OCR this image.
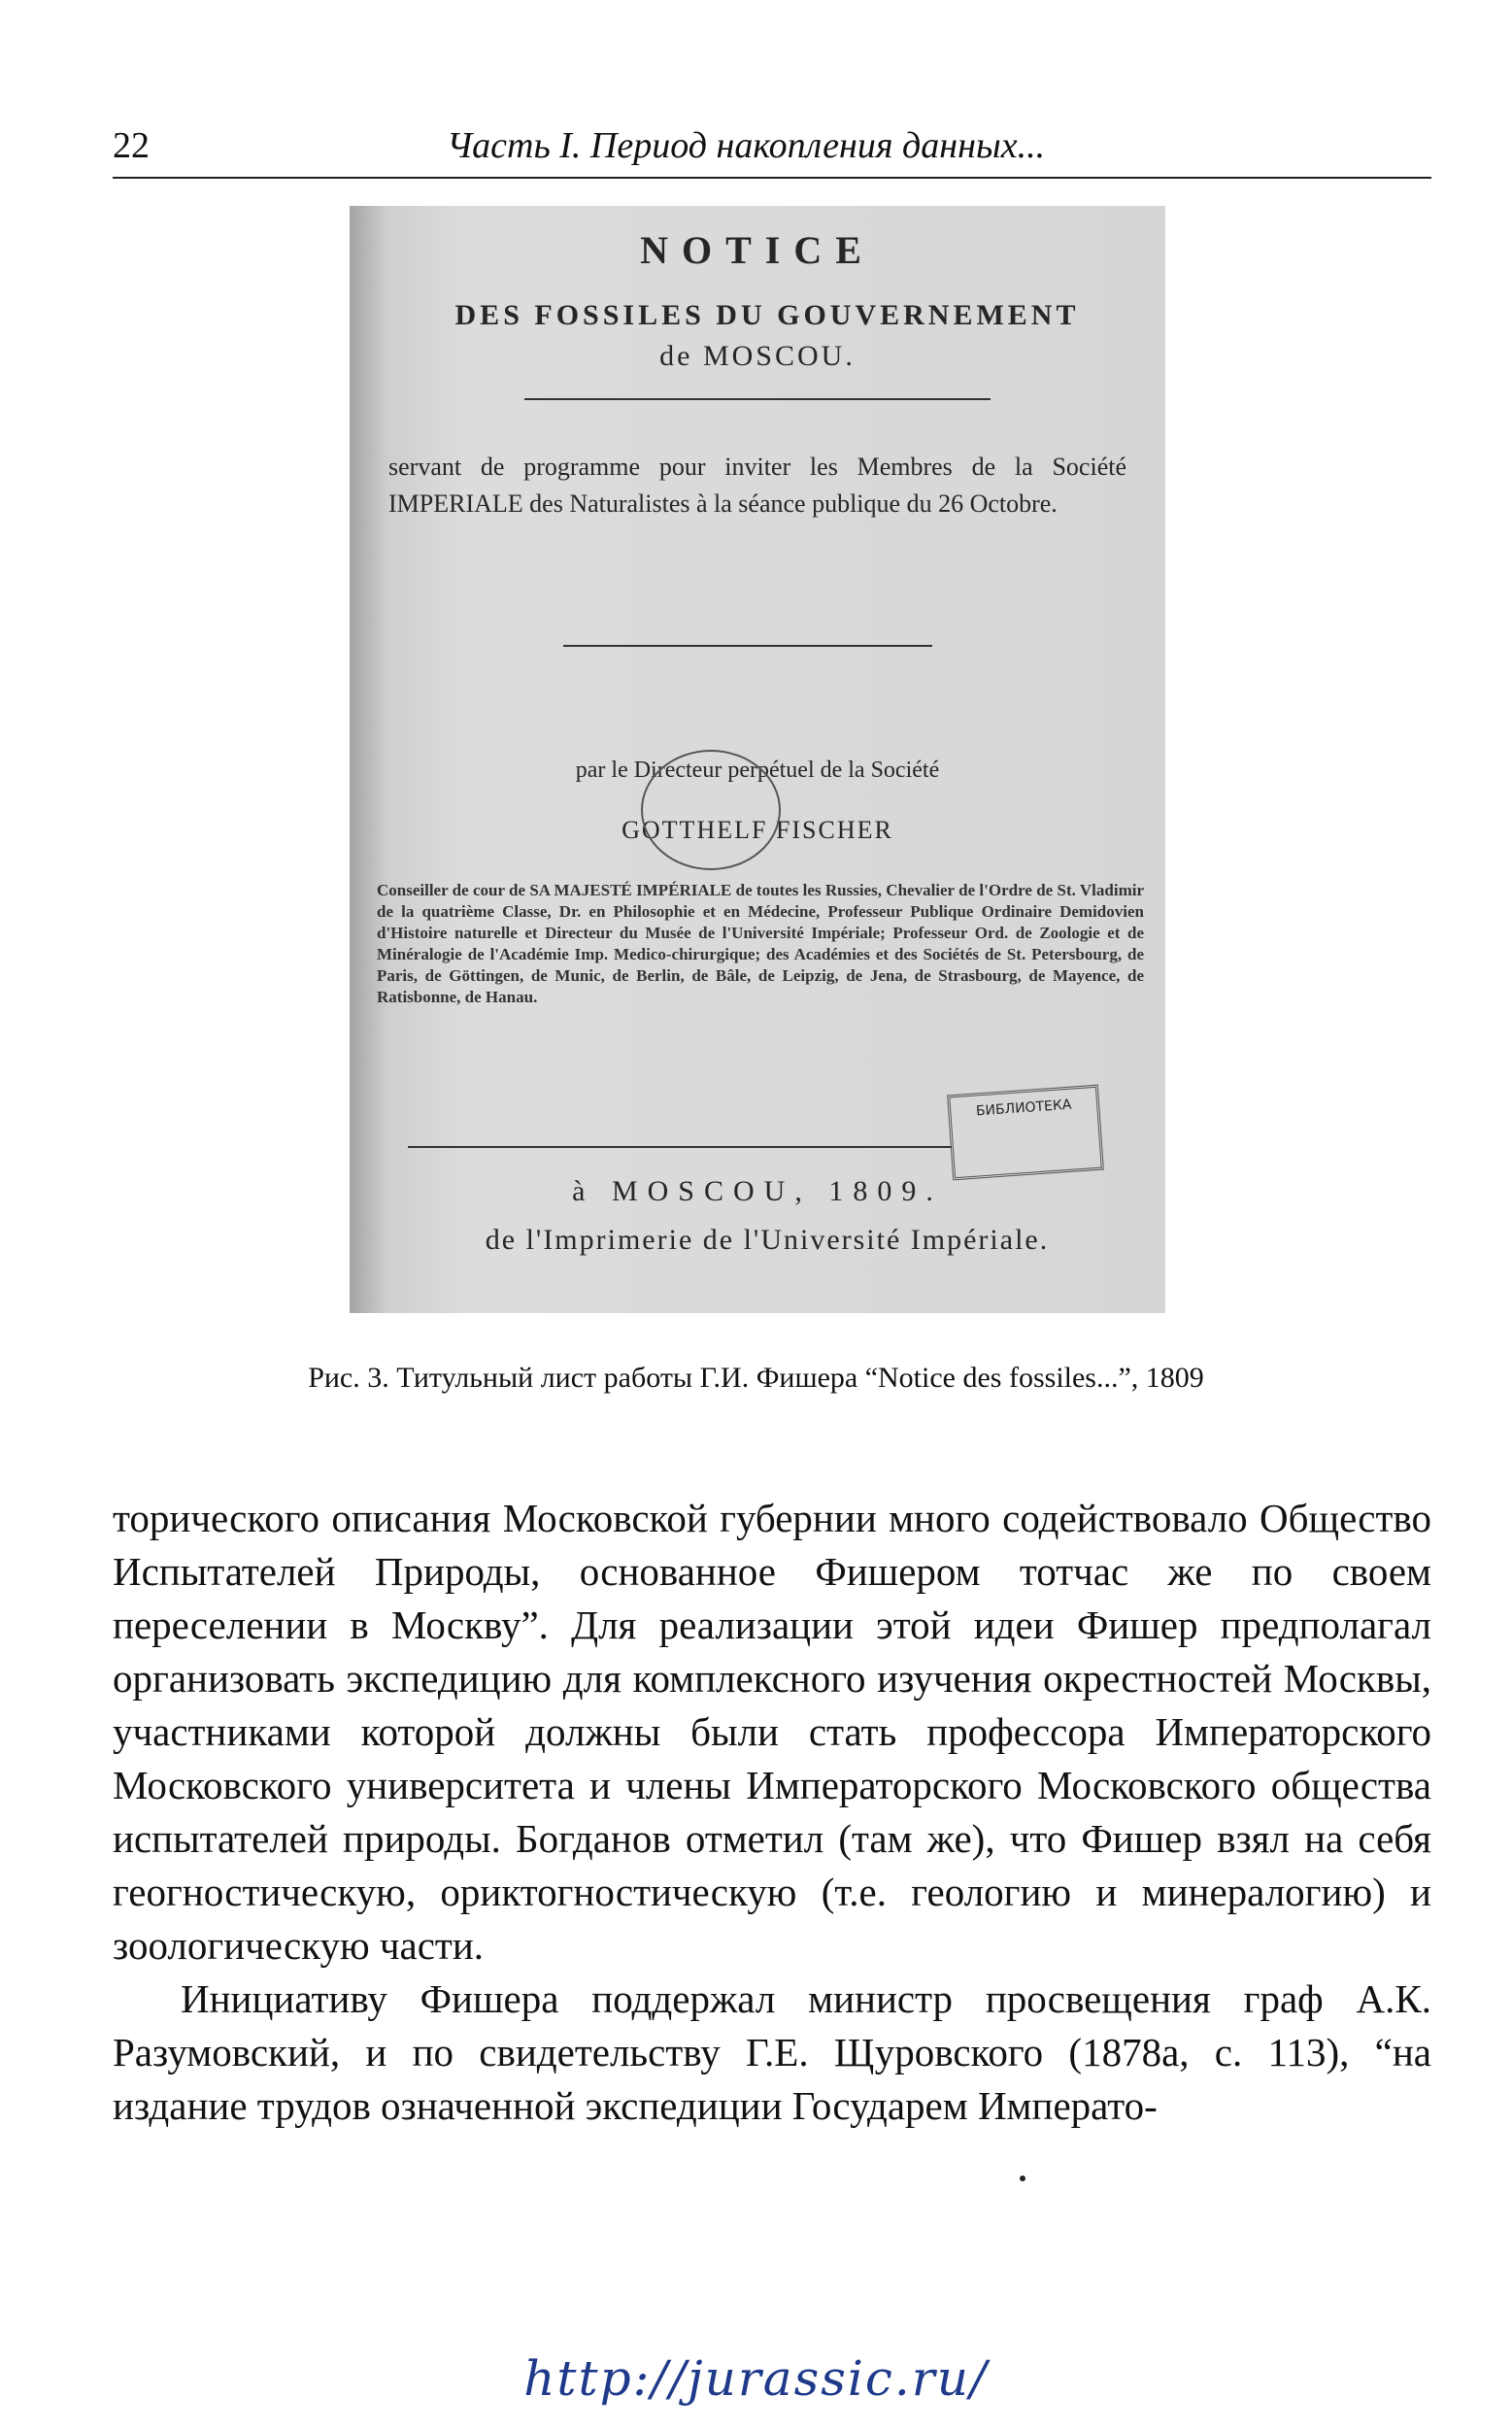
22	Часть I. Период накопления данных...
NOTICE
DES FOSSILES DU GOUVERNEMENT
de MOSCOU.
servant de programme pour inviter les Membres de la Société IMPERIALE des Naturalistes à la séance publique du 26 Octobre.
par le Directeur perpétuel de la Société
GOTTHELF FISCHER
Conseiller de cour de SA MAJESTÉ IMPÉRIALE de toutes les Russies, Chevalier de l'Ordre de St. Vladimir de la quatrième Classe, Dr. en Philosophie et en Médecine, Professeur Publique Ordinaire Demidovien d'Histoire naturelle et Directeur du Musée de l'Université Impériale; Professeur Ord. de Zoologie et de Minéralogie de l'Académie Imp. Medico-chirurgique; des Académies et des Sociétés de St. Petersbourg, de Paris, de Göttingen, de Munic, de Berlin, de Bâle, de Leipzig, de Jena, de Strasbourg, de Mayence, de Ratisbonne, de Hanau.
БИБЛИОТЕКА
à MOSCOU, 1809.
de l'Imprimerie de l'Université Impériale.
Рис. 3. Титульный лист работы Г.И. Фишера “Notice des fossiles...”, 1809

торического описания Московской губернии много содействовало Общество Испытателей Природы, основанное Фишером тотчас же по своем переселении в Москву”. Для реализации этой идеи Фишер предполагал организовать экспедицию для комплексного изучения окрестностей Москвы, участниками которой должны были стать профессора Императорского Московского университета и члены Императорского Московского общества испытателей природы. Богданов отметил (там же), что Фишер взял на себя геогностическую, ориктогностическую (т.е. геологию и минералогию) и зоологическую части.

Инициативу Фишера поддержал министр просвещения граф А.К. Разумовский, и по свидетельству Г.Е. Щуровского (1878а, с. 113), “на издание трудов означенной экспедиции Государем Императо-

http://jurassic.ru/
